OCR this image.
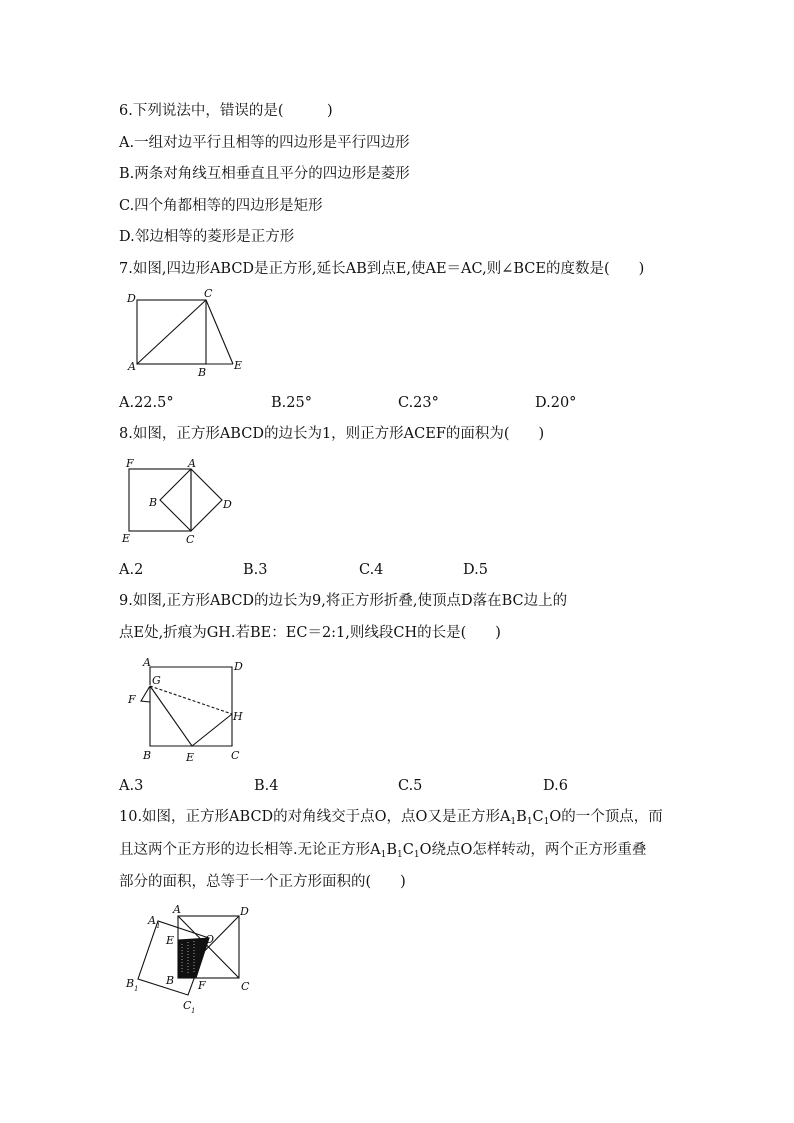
6.下列说法中，错误的是(　　　)
A.一组对边平行且相等的四边形是平行四边形
B.两条对角线互相垂直且平分的四边形是菱形
C.四个角都相等的四边形是矩形
D.邻边相等的菱形是正方形
7.如图,四边形ABCD是正方形,延长AB到点E,使AE＝AC,则∠BCE的度数是(　　)
D	C
A	B
E
A.22.5°	B.25°	C.23°	D.20°
8.如图，正方形ABCD的边长为1，则正方形ACEF的面积为(　　)
F	A
B	D
E	C
A.2	B.3	C.4	D.5
9.如图,正方形ABCD的边长为9,将正方形折叠,使顶点D落在BC边上的
点E处,折痕为GH.若BE：EC＝2:1,则线段CH的长是(　　)
A	D
G
F
H
B	E	C
A.3	B.4	C.5	D.6
10.如图，正方形ABCD的对角线交于点O，点O又是正方形$A_1B_1C_1O$的一个顶点，而
且这两个正方形的边长相等.无论正方形$A_1B_1C_1O$绕点O怎样转动，两个正方形重叠
部分的面积，总等于一个正方形面积的(　　)
A	D
A 1
E	O
B F	C
B 1
C 1
